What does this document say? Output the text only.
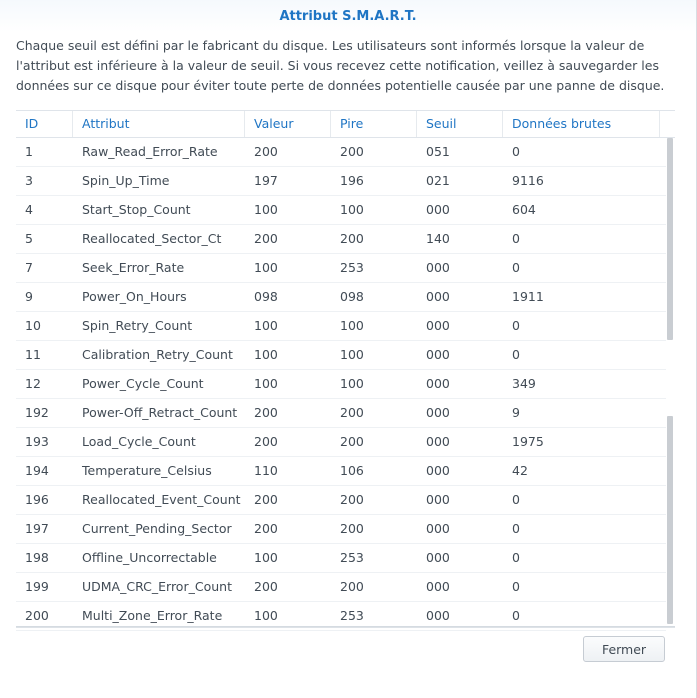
Attribut S.M.A.R.T.
Chaque seuil est défini par le fabricant du disque. Les utilisateurs sont informés lorsque la valeur de l'attribut est inférieure à la valeur de seuil. Si vous recevez cette notification, veillez à sauvegarder les données sur ce disque pour éviter toute perte de données potentielle causée par une panne de disque.
ID	Attribut	Valeur	Pire	Seuil	Données brutes
1	Raw_Read_Error_Rate	200	200	051	0
3	Spin_Up_Time	197	196	021	9116
4	Start_Stop_Count	100	100	000	604
5	Reallocated_Sector_Ct	200	200	140	0
7	Seek_Error_Rate	100	253	000	0
9	Power_On_Hours	098	098	000	1911
10	Spin_Retry_Count	100	100	000	0
11	Calibration_Retry_Count	100	100	000	0
12	Power_Cycle_Count	100	100	000	349
192	Power-Off_Retract_Count	200	200	000	9
193	Load_Cycle_Count	200	200	000	1975
194	Temperature_Celsius	110	106	000	42
196	Reallocated_Event_Count	200	200	000	0
197	Current_Pending_Sector	200	200	000	0
198	Offline_Uncorrectable	100	253	000	0
199	UDMA_CRC_Error_Count	200	200	000	0
200	Multi_Zone_Error_Rate	100	253	000	0
Fermer
